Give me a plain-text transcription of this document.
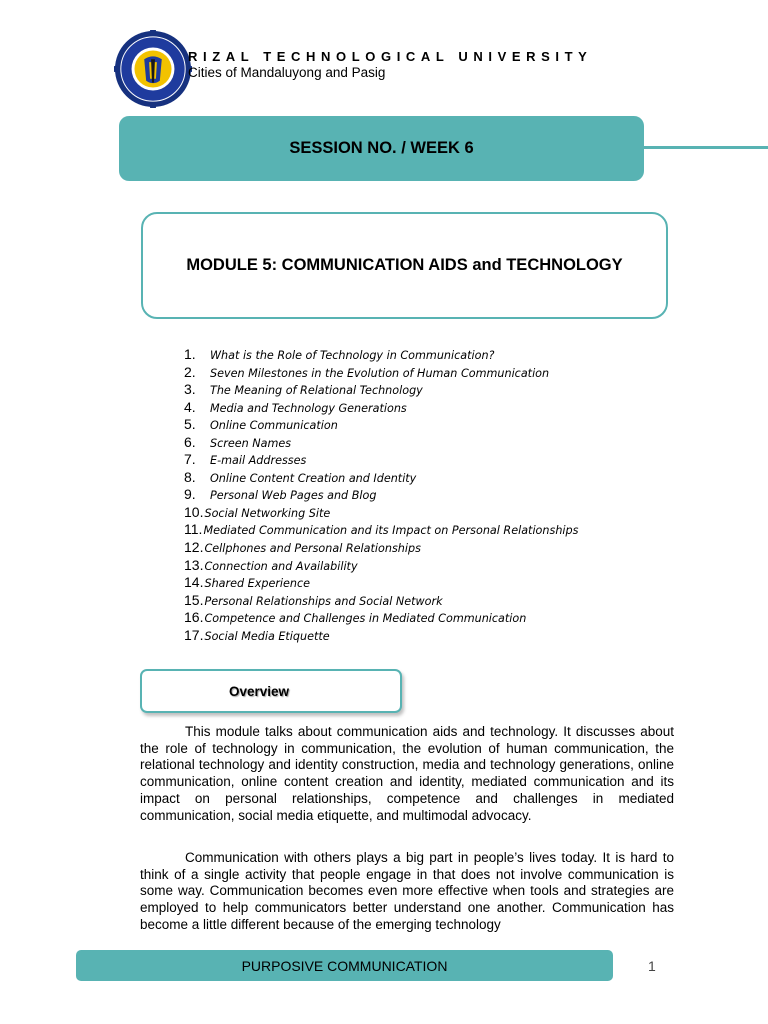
RIZAL TECHNOLOGICAL UNIVERSITY
Cities of Mandaluyong and Pasig
SESSION NO. / WEEK 6
MODULE 5: COMMUNICATION AIDS and TECHNOLOGY
1.	What is the Role of Technology in Communication?
2.	Seven Milestones in the Evolution of Human Communication
3.	The Meaning of Relational Technology
4.	Media and Technology Generations
5.	Online Communication
6.	Screen Names
7.	E-mail Addresses
8.	Online Content Creation and Identity
9.	Personal Web Pages and Blog
10. Social Networking Site
11. Mediated Communication and its Impact on Personal Relationships
12. Cellphones and Personal Relationships
13. Connection and Availability
14. Shared Experience
15. Personal Relationships and Social Network
16. Competence and Challenges in Mediated Communication
17. Social Media Etiquette
Overview

This module talks about communication aids and technology. It discusses about the role of technology in communication, the evolution of human communication, the relational technology and identity construction, media and technology generations, online communication, online content creation and identity, mediated communication and its impact on personal relationships, competence and challenges in mediated communication, social media etiquette, and multimodal advocacy.

Communication with others plays a big part in people’s lives today. It is hard to think of a single activity that people engage in that does not involve communication is some way. Communication becomes even more effective when tools and strategies are employed to help communicators better understand one another. Communication has become a little different because of the emerging technology

PURPOSIVE COMMUNICATION	1
